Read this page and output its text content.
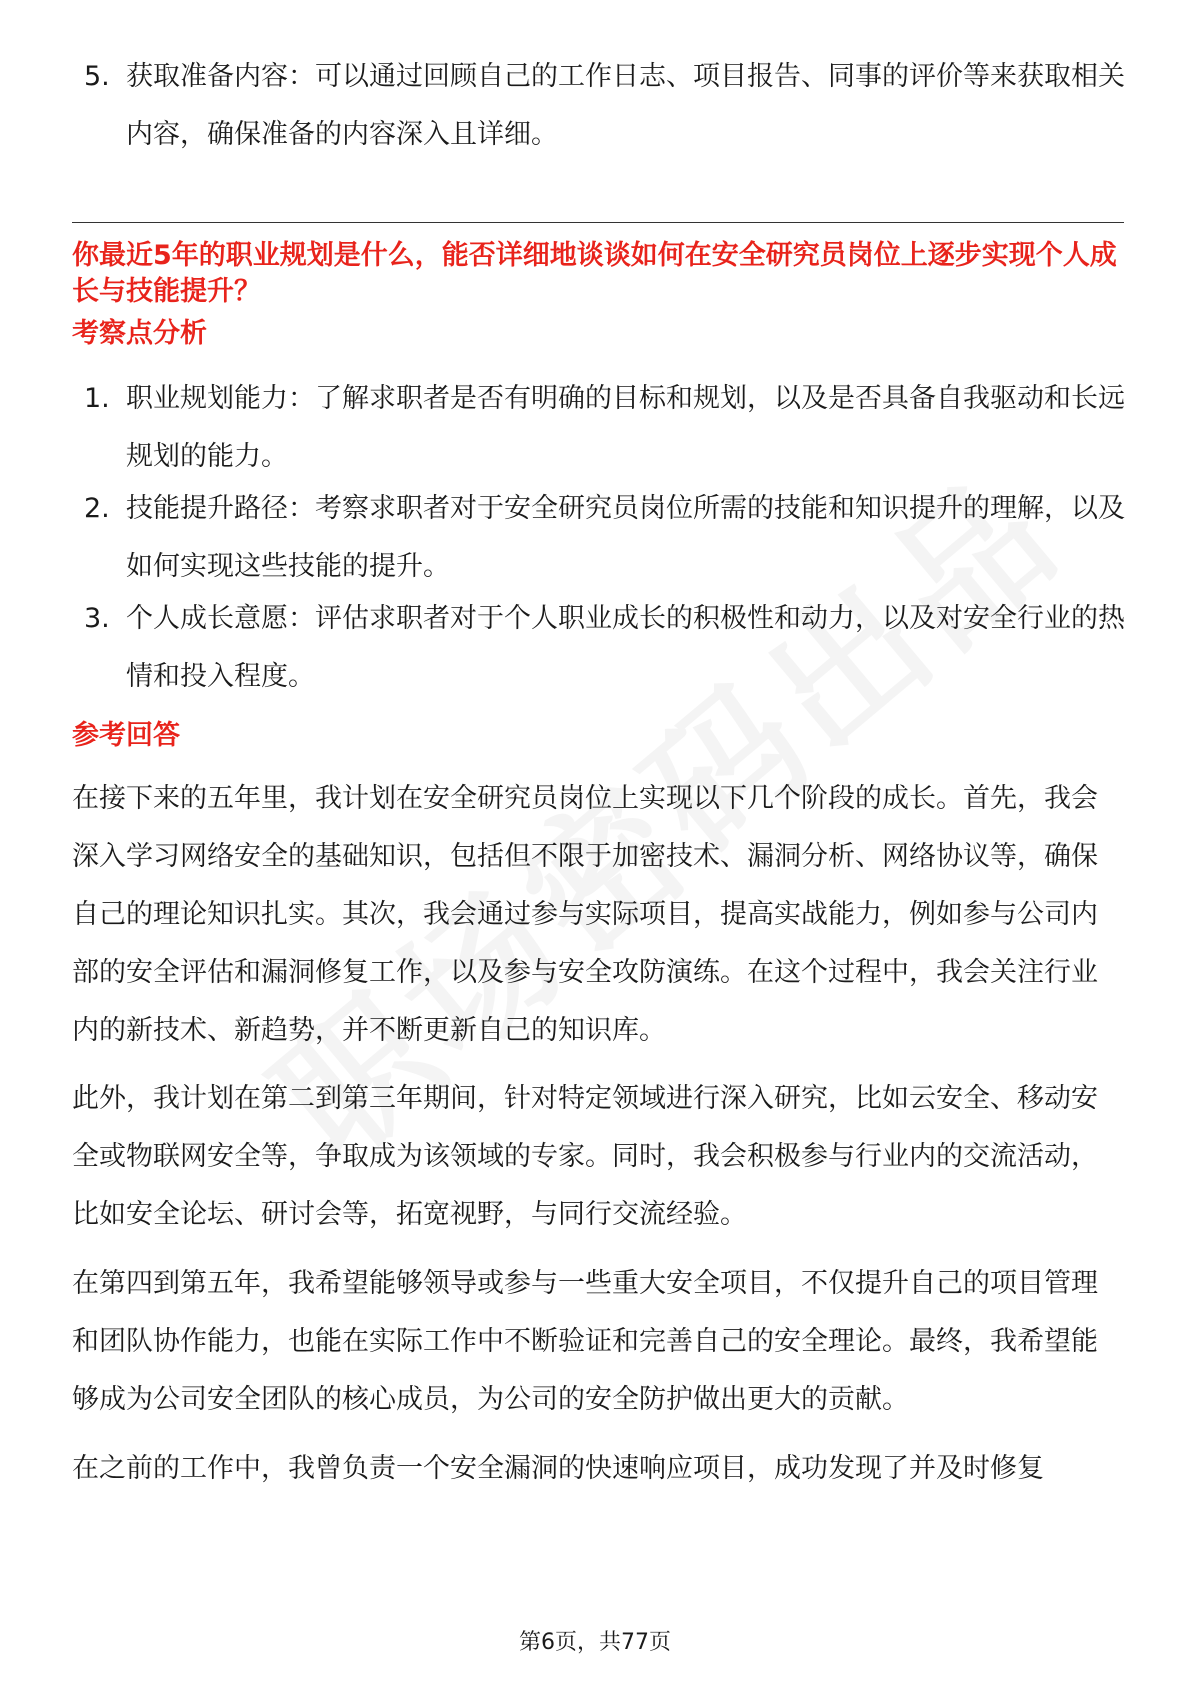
5. 获取准备内容：可以通过回顾自己的工作日志、项目报告、同事的评价等来获取相关内容，确保准备的内容深入且详细。
你最近5年的职业规划是什么，能否详细地谈谈如何在安全研究员岗位上逐步实现个人成长与技能提升？
考察点分析
1. 职业规划能力：了解求职者是否有明确的目标和规划，以及是否具备自我驱动和长远规划的能力。
2. 技能提升路径：考察求职者对于安全研究员岗位所需的技能和知识提升的理解，以及如何实现这些技能的提升。
3. 个人成长意愿：评估求职者对于个人职业成长的积极性和动力，以及对安全行业的热情和投入程度。
参考回答
在接下来的五年里，我计划在安全研究员岗位上实现以下几个阶段的成长。首先，我会深入学习网络安全的基础知识，包括但不限于加密技术、漏洞分析、网络协议等，确保自己的理论知识扎实。其次，我会通过参与实际项目，提高实战能力，例如参与公司内部的安全评估和漏洞修复工作，以及参与安全攻防演练。在这个过程中，我会关注行业内的新技术、新趋势，并不断更新自己的知识库。
此外，我计划在第二到第三年期间，针对特定领域进行深入研究，比如云安全、移动安全或物联网安全等，争取成为该领域的专家。同时，我会积极参与行业内的交流活动，比如安全论坛、研讨会等，拓宽视野，与同行交流经验。
在第四到第五年，我希望能够领导或参与一些重大安全项目，不仅提升自己的项目管理和团队协作能力，也能在实际工作中不断验证和完善自己的安全理论。最终，我希望能够成为公司安全团队的核心成员，为公司的安全防护做出更大的贡献。
在之前的工作中，我曾负责一个安全漏洞的快速响应项目，成功发现了并及时修复
第6页，共77页
